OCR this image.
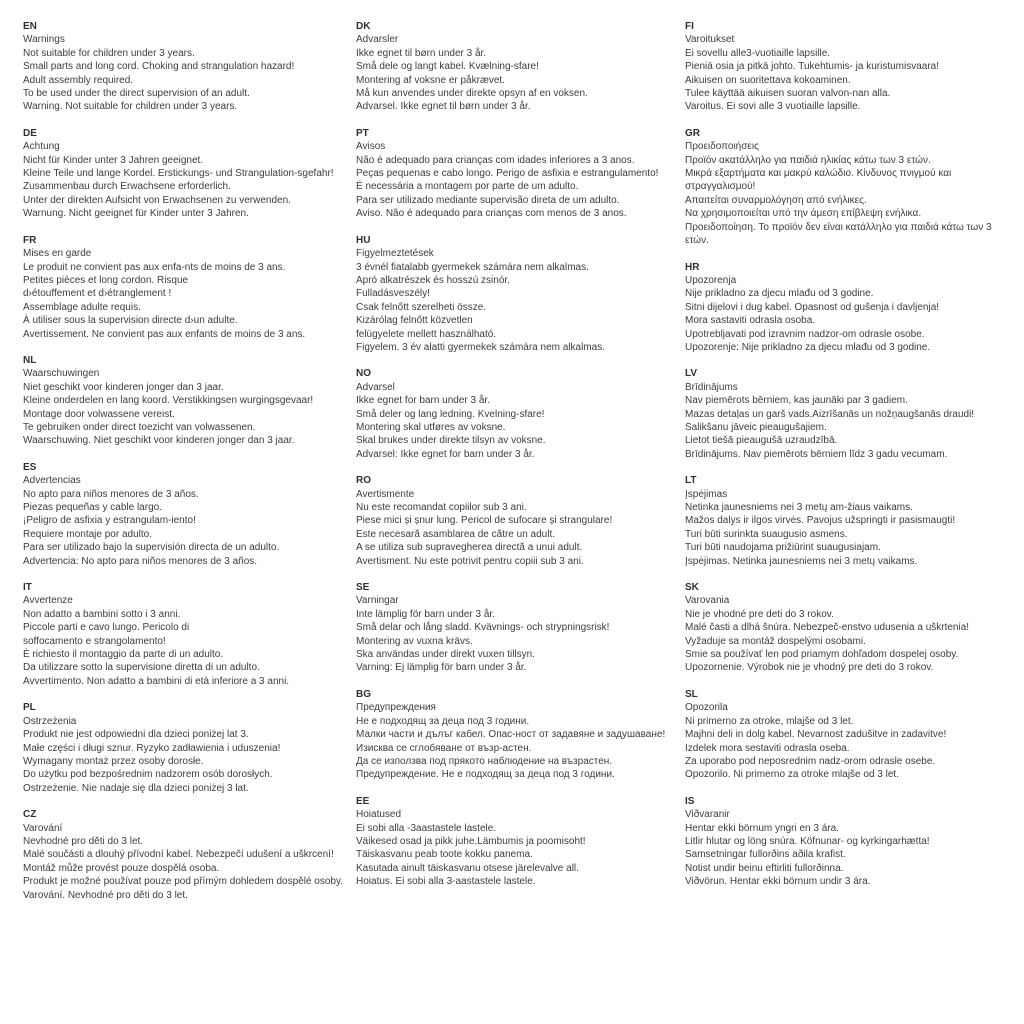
EN

Warnings

Not suitable for children under 3 years.

Small parts and long cord. Choking and strangulation hazard!

Adult assembly required.

To be used under the direct supervision of an adult.

Warning. Not suitable for children under 3 years.

DE

Achtung

Nicht für Kinder unter 3 Jahren geeignet.

Kleine Teile und lange Kordel. Erstickungs- und Strangulation-sgefahr!

Zusammenbau durch Erwachsene erforderlich.

Unter der direkten Aufsicht von Erwachsenen zu verwenden.

Warnung. Nicht geeignet für Kinder unter 3 Jahren.

FR

Mises en garde

Le produit ne convient pas aux enfa-nts de moins de 3 ans.

Petites pièces et long cordon. Risque

d›étouffement et d›étranglement !

Assemblage adulte requis.

À utiliser sous la supervision directe d›un adulte.

Avertissement. Ne convient pas aux enfants de moins de 3 ans.

NL

Waarschuwingen

Niet geschikt voor kinderen jonger dan 3 jaar.

Kleine onderdelen en lang koord. Verstikkingsen wurgingsgevaar!

Montage door volwassene vereist.

Te gebruiken onder direct toezicht van volwassenen.

Waarschuwing. Niet geschikt voor kinderen jonger dan 3 jaar.

ES

Advertencias

No apto para niños menores de 3 años.

Piezas pequeñas y cable largo.

¡Peligro de asfixia y estrangulam-iento!

Requiere montaje por adulto.

Para ser utilizado bajo la supervisión directa de un adulto.

Advertencia: No apto para niños menores de 3 años.

IT

Avvertenze

Non adatto a bambini sotto i 3 anni.

Piccole parti e cavo lungo. Pericolo di

soffocamento e strangolamento!

È richiesto il montaggio da parte di un adulto.

Da utilizzare sotto la supervisione diretta di un adulto.

Avvertimento. Non adatto a bambini di età inferiore a 3 anni.

PL

Ostrzeżenia

Produkt nie jest odpowiedni dla dzieci poniżej lat 3.

Małe części i długi sznur. Ryzyko zadławienia i uduszenia!

Wymagany montaż przez osoby dorosłe.

Do użytku pod bezpośrednim nadzorem osób dorosłych.

Ostrzeżenie. Nie nadaje się dla dzieci poniżej 3 lat.

CZ

Varování

Nevhodné pro děti do 3 let.

Malé součásti a dlouhý přívodní kabel. Nebezpečí udušení a uškrcení!

Montáž může provést pouze dospělá osoba.

Produkt je možné používat pouze pod přímým dohledem dospělé osoby.

Varování. Nevhodné pro děti do 3 let.

DK

Advarsler

Ikke egnet til børn under 3 år.

Små dele og langt kabel. Kvælning-sfare!

Montering af voksne er påkrævet.

Må kun anvendes under direkte opsyn af en voksen.

Advarsel. Ikke egnet til børn under 3 år.

PT

Avisos

Não é adequado para crianças com idades inferiores a 3 anos.

Peças pequenas e cabo longo. Perigo de asfixia e estrangulamento!

É necessária a montagem por parte de um adulto.

Para ser utilizado mediante supervisão direta de um adulto.

Aviso. Não é adequado para crianças com menos de 3 anos.

HU

Figyelmeztetések

3 évnél fiatalabb gyermekek számára nem alkalmas.

Apró alkatrészek és hosszú zsinór.

Fulladásveszély!

Csak felnőtt szerelheti össze.

Kizárólag felnőtt közvetlen

felügyelete mellett használható.

Figyelem. 3 év alatti gyermekek számára nem alkalmas.

NO

Advarsel

Ikke egnet for barn under 3 år.

Små deler og lang ledning. Kvelning-sfare!

Montering skal utføres av voksne.

Skal brukes under direkte tilsyn av voksne.

Advarsel: Ikke egnet for barn under 3 år.

RO

Avertismente

Nu este recomandat copiilor sub 3 ani.

Piese mici și șnur lung. Pericol de sufocare și strangulare!

Este necesară asamblarea de către un adult.

A se utiliza sub supravegherea directă a unui adult.

Avertisment. Nu este potrivit pentru copiii sub 3 ani.

SE

Varningar

Inte lämplig för barn under 3 år.

Små delar och lång sladd. Kvävnings- och strypningsrisk!

Montering av vuxna krävs.

Ska användas under direkt vuxen tillsyn.

Varning: Ej lämplig för barn under 3 år.

BG

Предупреждения

Не е подходящ за деца под 3 години.

Малки части и дълъг кабел. Опас-ност от задавяне и задушаване!

Изисква се сглобяване от възр-астен.

Да се използва под прякото наблюдение на възрастен.

Предупреждение. Не е подходящ за деца под 3 години.

EE

Hoiatused

Ei sobi alla -3aastastele lastele.

Väikesed osad ja pikk juhe.Lämbumis ja poomisoht!

Täiskasvanu peab toote kokku panema.

Kasutada ainult täiskasvanu otsese järelevalve all.

Hoiatus. Ei sobi alla 3-aastastele lastele.

FI

Varoitukset

Ei sovellu alle3-vuotiaille lapsille.

Pieniä osia ja pitkä johto. Tukehtumis- ja kuristumisvaara!

Aikuisen on suoritettava kokoaminen.

Tulee käyttää aikuisen suoran valvon-nan alla.

Varoitus. Ei sovi alle 3 vuotiaille lapsille.

GR

Προειδοποιήσεις

Προϊόν ακατάλληλο για παιδιά ηλικίας κάτω των 3 ετών.

Μικρά εξαρτήματα και μακρύ καλώδιο. Κίνδυνος πνιγμού και

στραγγαλισμού!

Απαιτείται συναρμολόγηση από ενήλικες.

Να χρησιμοποιείται υπό την άμεση επίβλεψη ενήλικα.

Προειδοποίηση. Το προϊόν δεν είναι κατάλληλο για παιδιά κάτω των 3

ετών.

HR

Upozorenja

Nije prikladno za djecu mlađu od 3 godine.

Sitni dijelovi i dug kabel. Opasnost od gušenja i davljenja!

Mora sastaviti odrasla osoba.

Upotrebljavati pod izravnim nadzor-om odrasle osobe.

Upozorenje: Nije prikladno za djecu mlađu od 3 godine.

LV

Brīdinājums

Nav piemērots bērniem, kas jaunāki par 3 gadiem.

Mazas detaļas un garš vads.Aizrīšanās un nožņaugšanās draudi!

Salikšanu jāveic pieaugušajiem.

Lietot tiešā pieaugušā uzraudzībā.

Brīdinājums. Nav piemērots bērniem līdz 3 gadu vecumam.

LT

Įspėjimas

Netinka jaunesniems nei 3 metų am-žiaus vaikams.

Mažos dalys ir ilgos virvės. Pavojus užspringti ir pasismaugti!

Turi būti surinkta suaugusio asmens.

Turi būti naudojama prižiūrint suaugusiajam.

Įspėjimas. Netinka jaunesniems nei 3 metų vaikams.

SK

Varovania

Nie je vhodné pre deti do 3 rokov.

Malé časti a dlhá šnúra. Nebezpeč-enstvo udusenia a uškrtenia!

Vyžaduje sa montáž dospelými osobami.

Smie sa používať len pod priamym dohľadom dospelej osoby.

Upozornenie. Výrobok nie je vhodný pre deti do 3 rokov.

SL

Opozorila

Ni primerno za otroke, mlajše od 3 let.

Majhni deli in dolg kabel. Nevarnost zadušitve in zadavitve!

Izdelek mora sestaviti odrasla oseba.

Za uporabo pod neposrednim nadz-orom odrasle osebe.

Opozorilo. Ni primerno za otroke mlajše od 3 let.

IS

Viðvaranir

Hentar ekki börnum yngri en 3 ára.

Litlir hlutar og löng snúra. Köfnunar- og kyrkingarhætta!

Samsetningar fullorðins aðila krafist.

Notist undir beinu eftirliti fullorðinna.

Viðvörun. Hentar ekki börnum undir 3 ára.
